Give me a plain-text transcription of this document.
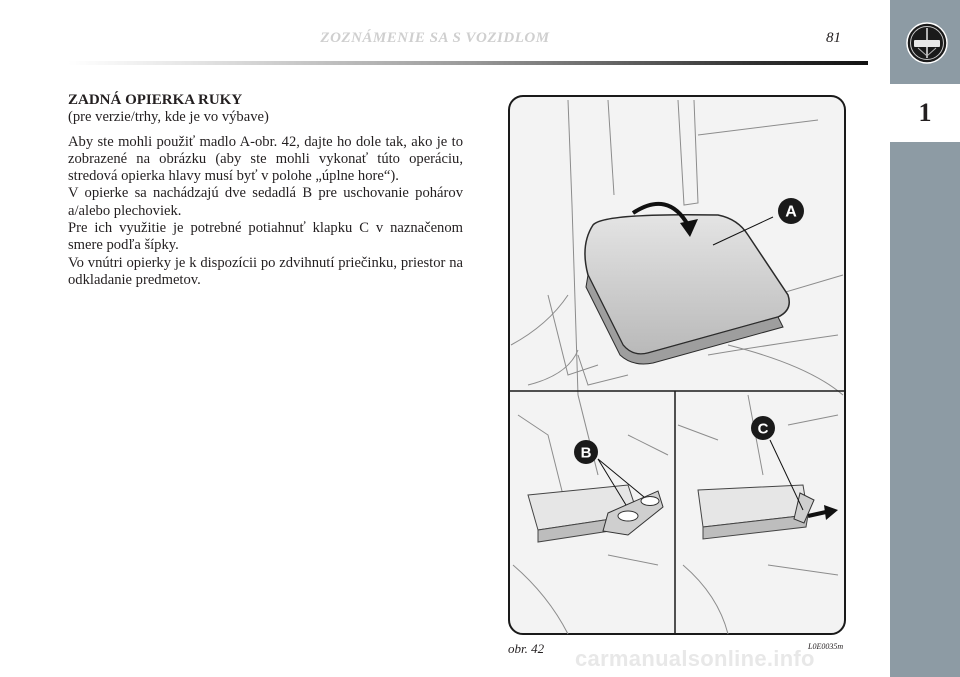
ZOZNÁMENIE SA S VOZIDLOM	81
1

ZADNÁ OPIERKA RUKY

(pre verzie/trhy, kde je vo výbave)

Aby ste mohli použiť madlo A-obr. 42, dajte ho dole tak, ako je to zobrazené na obrázku (aby ste mohli vykonať túto operáciu, stredová opierka hlavy musí byť v polohe „úplne hore“).

V opierke sa nachádzajú dve sedadlá B pre uschovanie pohárov a/alebo plechoviek.

Pre ich využitie je potrebné potiahnuť klapku C v naznačenom smere podľa šípky.

Vo vnútri opierky je k dispozícii po zdvihnutí priečinku, priestor na odkladanie predmetov.

A
B
C
obr. 42	L0E0035m
carmanualsonline.info
